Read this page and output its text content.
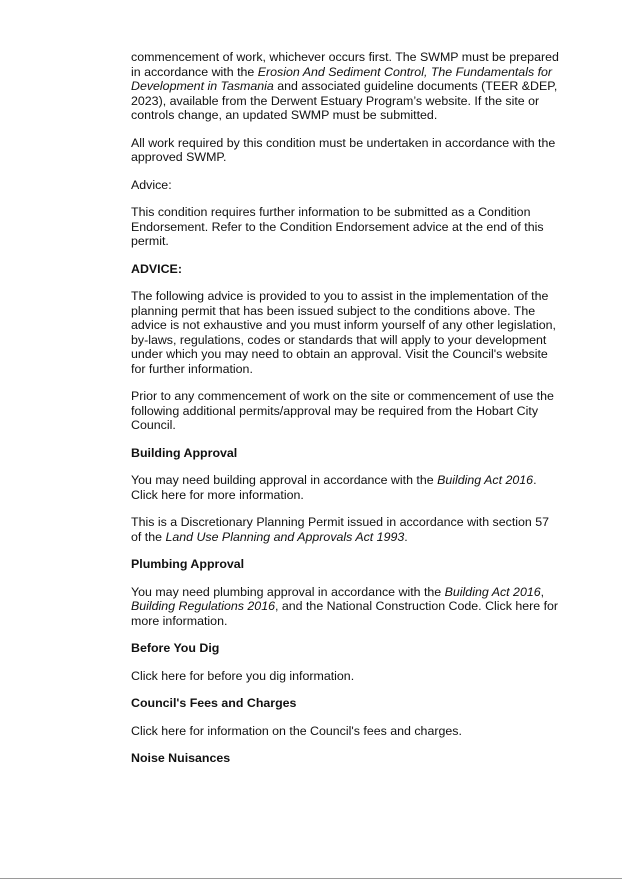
commencement of work, whichever occurs first. The SWMP must be prepared in accordance with the Erosion And Sediment Control, The Fundamentals for Development in Tasmania and associated guideline documents (TEER &DEP, 2023), available from the Derwent Estuary Program’s website. If the site or controls change, an updated SWMP must be submitted.

All work required by this condition must be undertaken in accordance with the approved SWMP.

Advice:

This condition requires further information to be submitted as a Condition Endorsement. Refer to the Condition Endorsement advice at the end of this permit.

ADVICE:

The following advice is provided to you to assist in the implementation of the planning permit that has been issued subject to the conditions above. The advice is not exhaustive and you must inform yourself of any other legislation, by-laws, regulations, codes or standards that will apply to your development under which you may need to obtain an approval. Visit the Council's website for further information.

Prior to any commencement of work on the site or commencement of use the following additional permits/approval may be required from the Hobart City Council.

Building Approval

You may need building approval in accordance with the Building Act 2016. Click here for more information.

This is a Discretionary Planning Permit issued in accordance with section 57 of the Land Use Planning and Approvals Act 1993.

Plumbing Approval

You may need plumbing approval in accordance with the Building Act 2016, Building Regulations 2016, and the National Construction Code. Click here for more information.

Before You Dig

Click here for before you dig information.

Council's Fees and Charges

Click here for information on the Council's fees and charges.

Noise Nuisances
